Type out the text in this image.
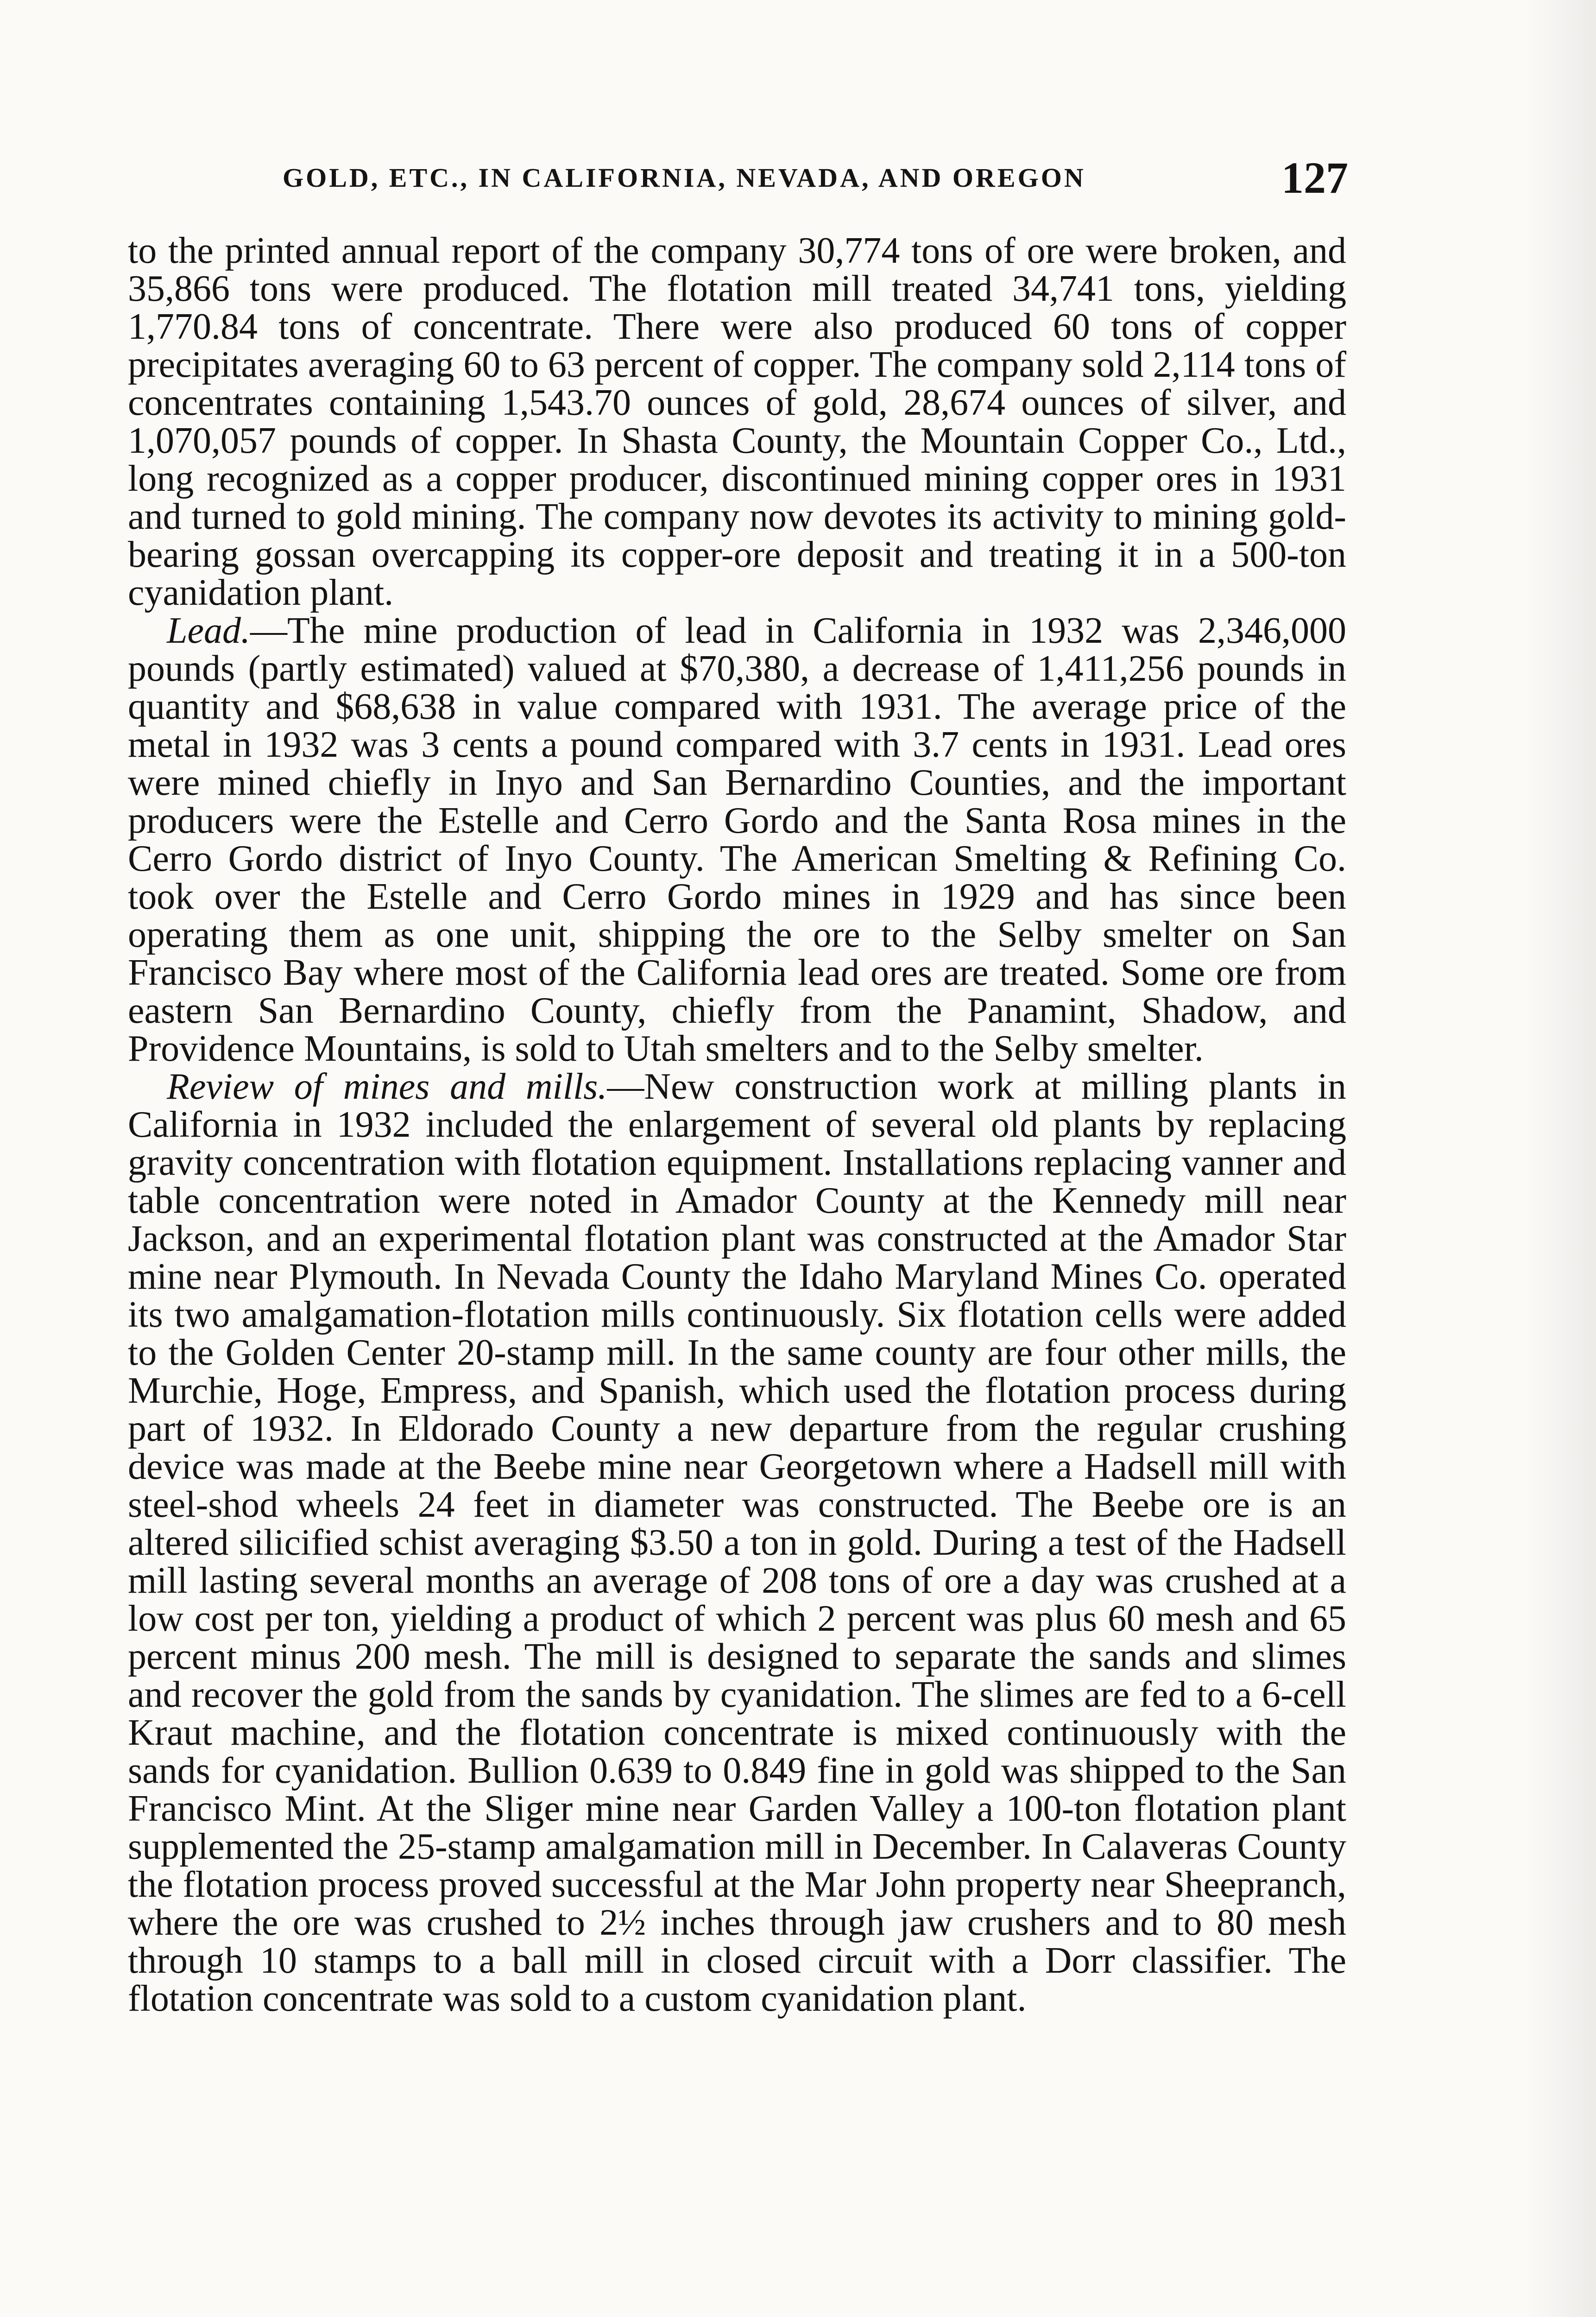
GOLD, ETC., IN CALIFORNIA, NEVADA, AND OREGON	127

to the printed annual report of the company 30,774 tons of ore were broken, and 35,866 tons were produced. The flotation mill treated 34,741 tons, yielding 1,770.84 tons of concentrate. There were also produced 60 tons of copper precipitates averaging 60 to 63 percent of copper. The company sold 2,114 tons of concentrates containing 1,543.70 ounces of gold, 28,674 ounces of silver, and 1,070,057 pounds of copper. In Shasta County, the Mountain Copper Co., Ltd., long recognized as a copper producer, discontinued mining copper ores in 1931 and turned to gold mining. The company now devotes its activity to mining gold-bearing gossan overcapping its copper-ore deposit and treating it in a 500-ton cyanidation plant.

Lead.—The mine production of lead in California in 1932 was 2,346,000 pounds (partly estimated) valued at $70,380, a decrease of 1,411,256 pounds in quantity and $68,638 in value compared with 1931. The average price of the metal in 1932 was 3 cents a pound compared with 3.7 cents in 1931. Lead ores were mined chiefly in Inyo and San Bernardino Counties, and the important producers were the Estelle and Cerro Gordo and the Santa Rosa mines in the Cerro Gordo district of Inyo County. The American Smelting & Refining Co. took over the Estelle and Cerro Gordo mines in 1929 and has since been operating them as one unit, shipping the ore to the Selby smelter on San Francisco Bay where most of the California lead ores are treated. Some ore from eastern San Bernardino County, chiefly from the Panamint, Shadow, and Providence Mountains, is sold to Utah smelters and to the Selby smelter.

Review of mines and mills.—New construction work at milling plants in California in 1932 included the enlargement of several old plants by replacing gravity concentration with flotation equipment. Installations replacing vanner and table concentration were noted in Amador County at the Kennedy mill near Jackson, and an experimental flotation plant was constructed at the Amador Star mine near Plymouth. In Nevada County the Idaho Maryland Mines Co. operated its two amalgamation-flotation mills continuously. Six flotation cells were added to the Golden Center 20-stamp mill. In the same county are four other mills, the Murchie, Hoge, Empress, and Spanish, which used the flotation process during part of 1932. In Eldorado County a new departure from the regular crushing device was made at the Beebe mine near Georgetown where a Hadsell mill with steel-shod wheels 24 feet in diameter was constructed. The Beebe ore is an altered silicified schist averaging $3.50 a ton in gold. During a test of the Hadsell mill lasting several months an average of 208 tons of ore a day was crushed at a low cost per ton, yielding a product of which 2 percent was plus 60 mesh and 65 percent minus 200 mesh. The mill is designed to separate the sands and slimes and recover the gold from the sands by cyanidation. The slimes are fed to a 6-cell Kraut machine, and the flotation concentrate is mixed continuously with the sands for cyanidation. Bullion 0.639 to 0.849 fine in gold was shipped to the San Francisco Mint. At the Sliger mine near Garden Valley a 100-ton flotation plant supplemented the 25-stamp amalgamation mill in December. In Calaveras County the flotation process proved successful at the Mar John property near Sheepranch, where the ore was crushed to 2½ inches through jaw crushers and to 80 mesh through 10 stamps to a ball mill in closed circuit with a Dorr classifier. The flotation concentrate was sold to a custom cyanidation plant.
